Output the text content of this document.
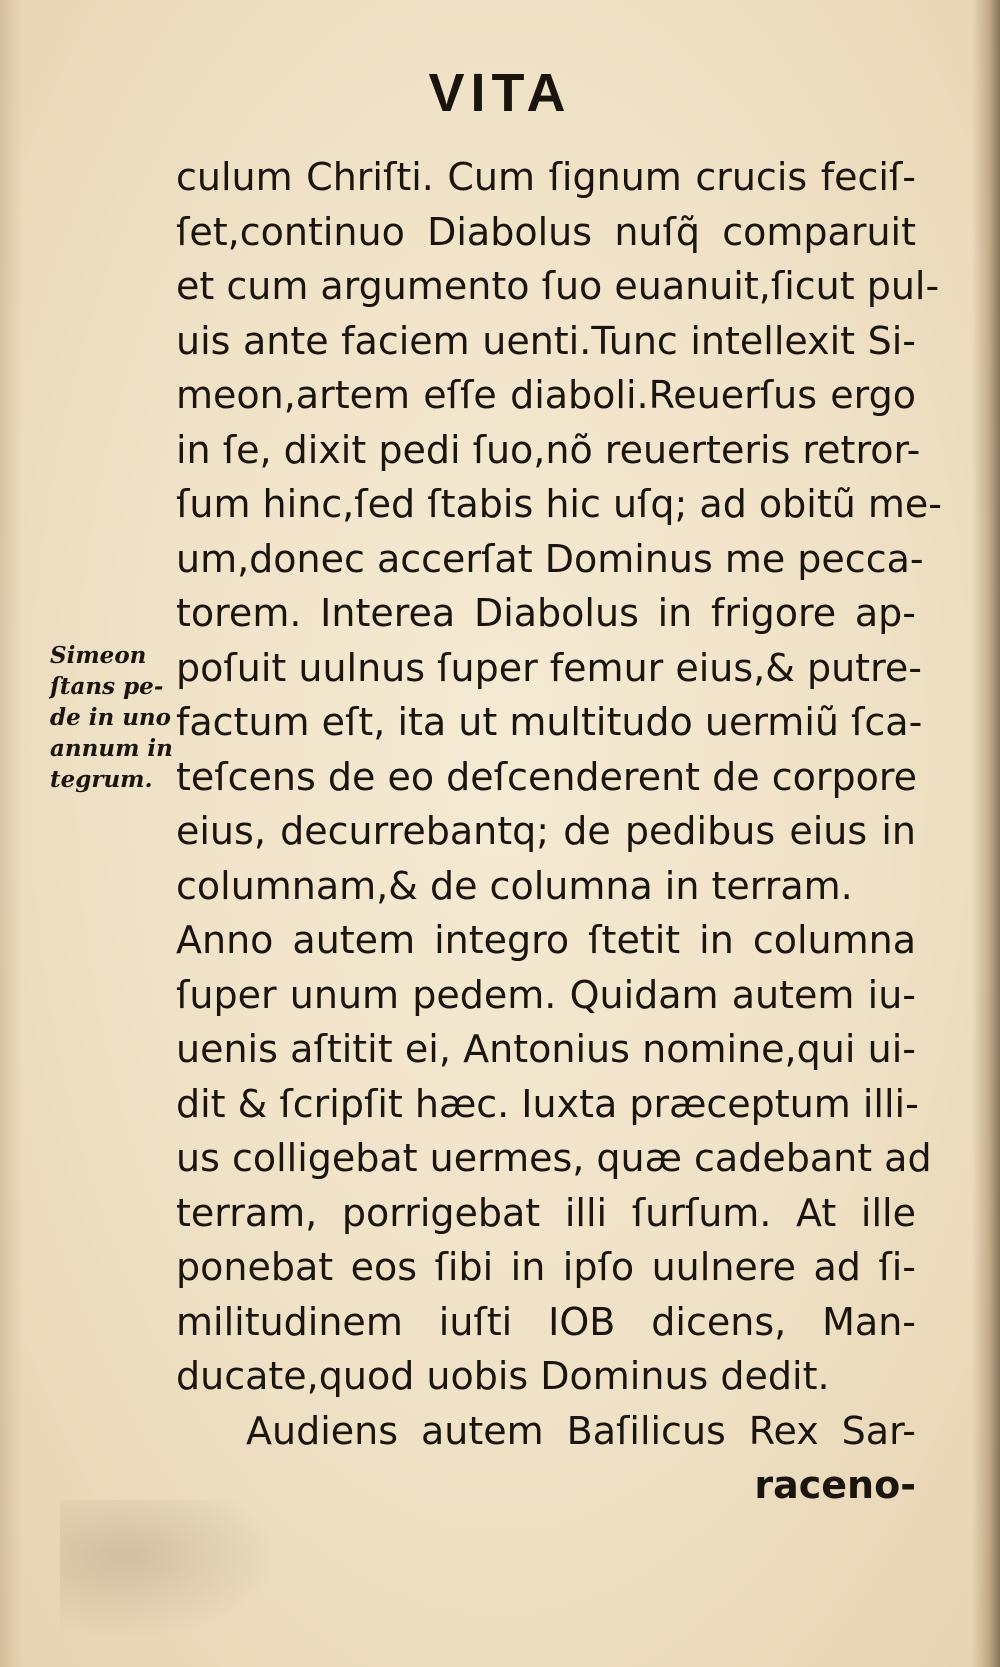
VITA
Simeon
ſtans pe-
de in uno
annum in
tegrum.
culum Chriſti. Cum ſignum crucis feciſ-
ſet,continuo Diabolus nuſq̃ comparuit
et cum argumento ſuo euanuit,ſicut pul-
uis ante faciem uenti.Tunc intellexit Si-
meon,artem eſſe diaboli.Reuerſus ergo
in ſe, dixit pedi ſuo,nõ reuerteris retror-
ſum hinc,ſed ſtabis hic uſq; ad obitũ me-
um,donec accerſat Dominus me pecca-
torem. Interea Diabolus in frigore ap-
poſuit uulnus ſuper femur eius,& putre-
factum eſt, ita ut multitudo uermiũ ſca-
teſcens de eo deſcenderent de corpore
eius, decurrebantq; de pedibus eius in
columnam,& de columna in terram.
Anno autem integro ſtetit in columna
ſuper unum pedem. Quidam autem iu-
uenis aſtitit ei, Antonius nomine,qui ui-
dit & ſcripſit hæc. Iuxta præceptum illi-
us colligebat uermes, quæ cadebant ad
terram, porrigebat illi ſurſum. At ille
ponebat eos ſibi in ipſo uulnere ad ſi-
militudinem iuſti IOB dicens, Man-
ducate,quod uobis Dominus dedit.
Audiens autem Baſilicus Rex Sar-
raceno-
